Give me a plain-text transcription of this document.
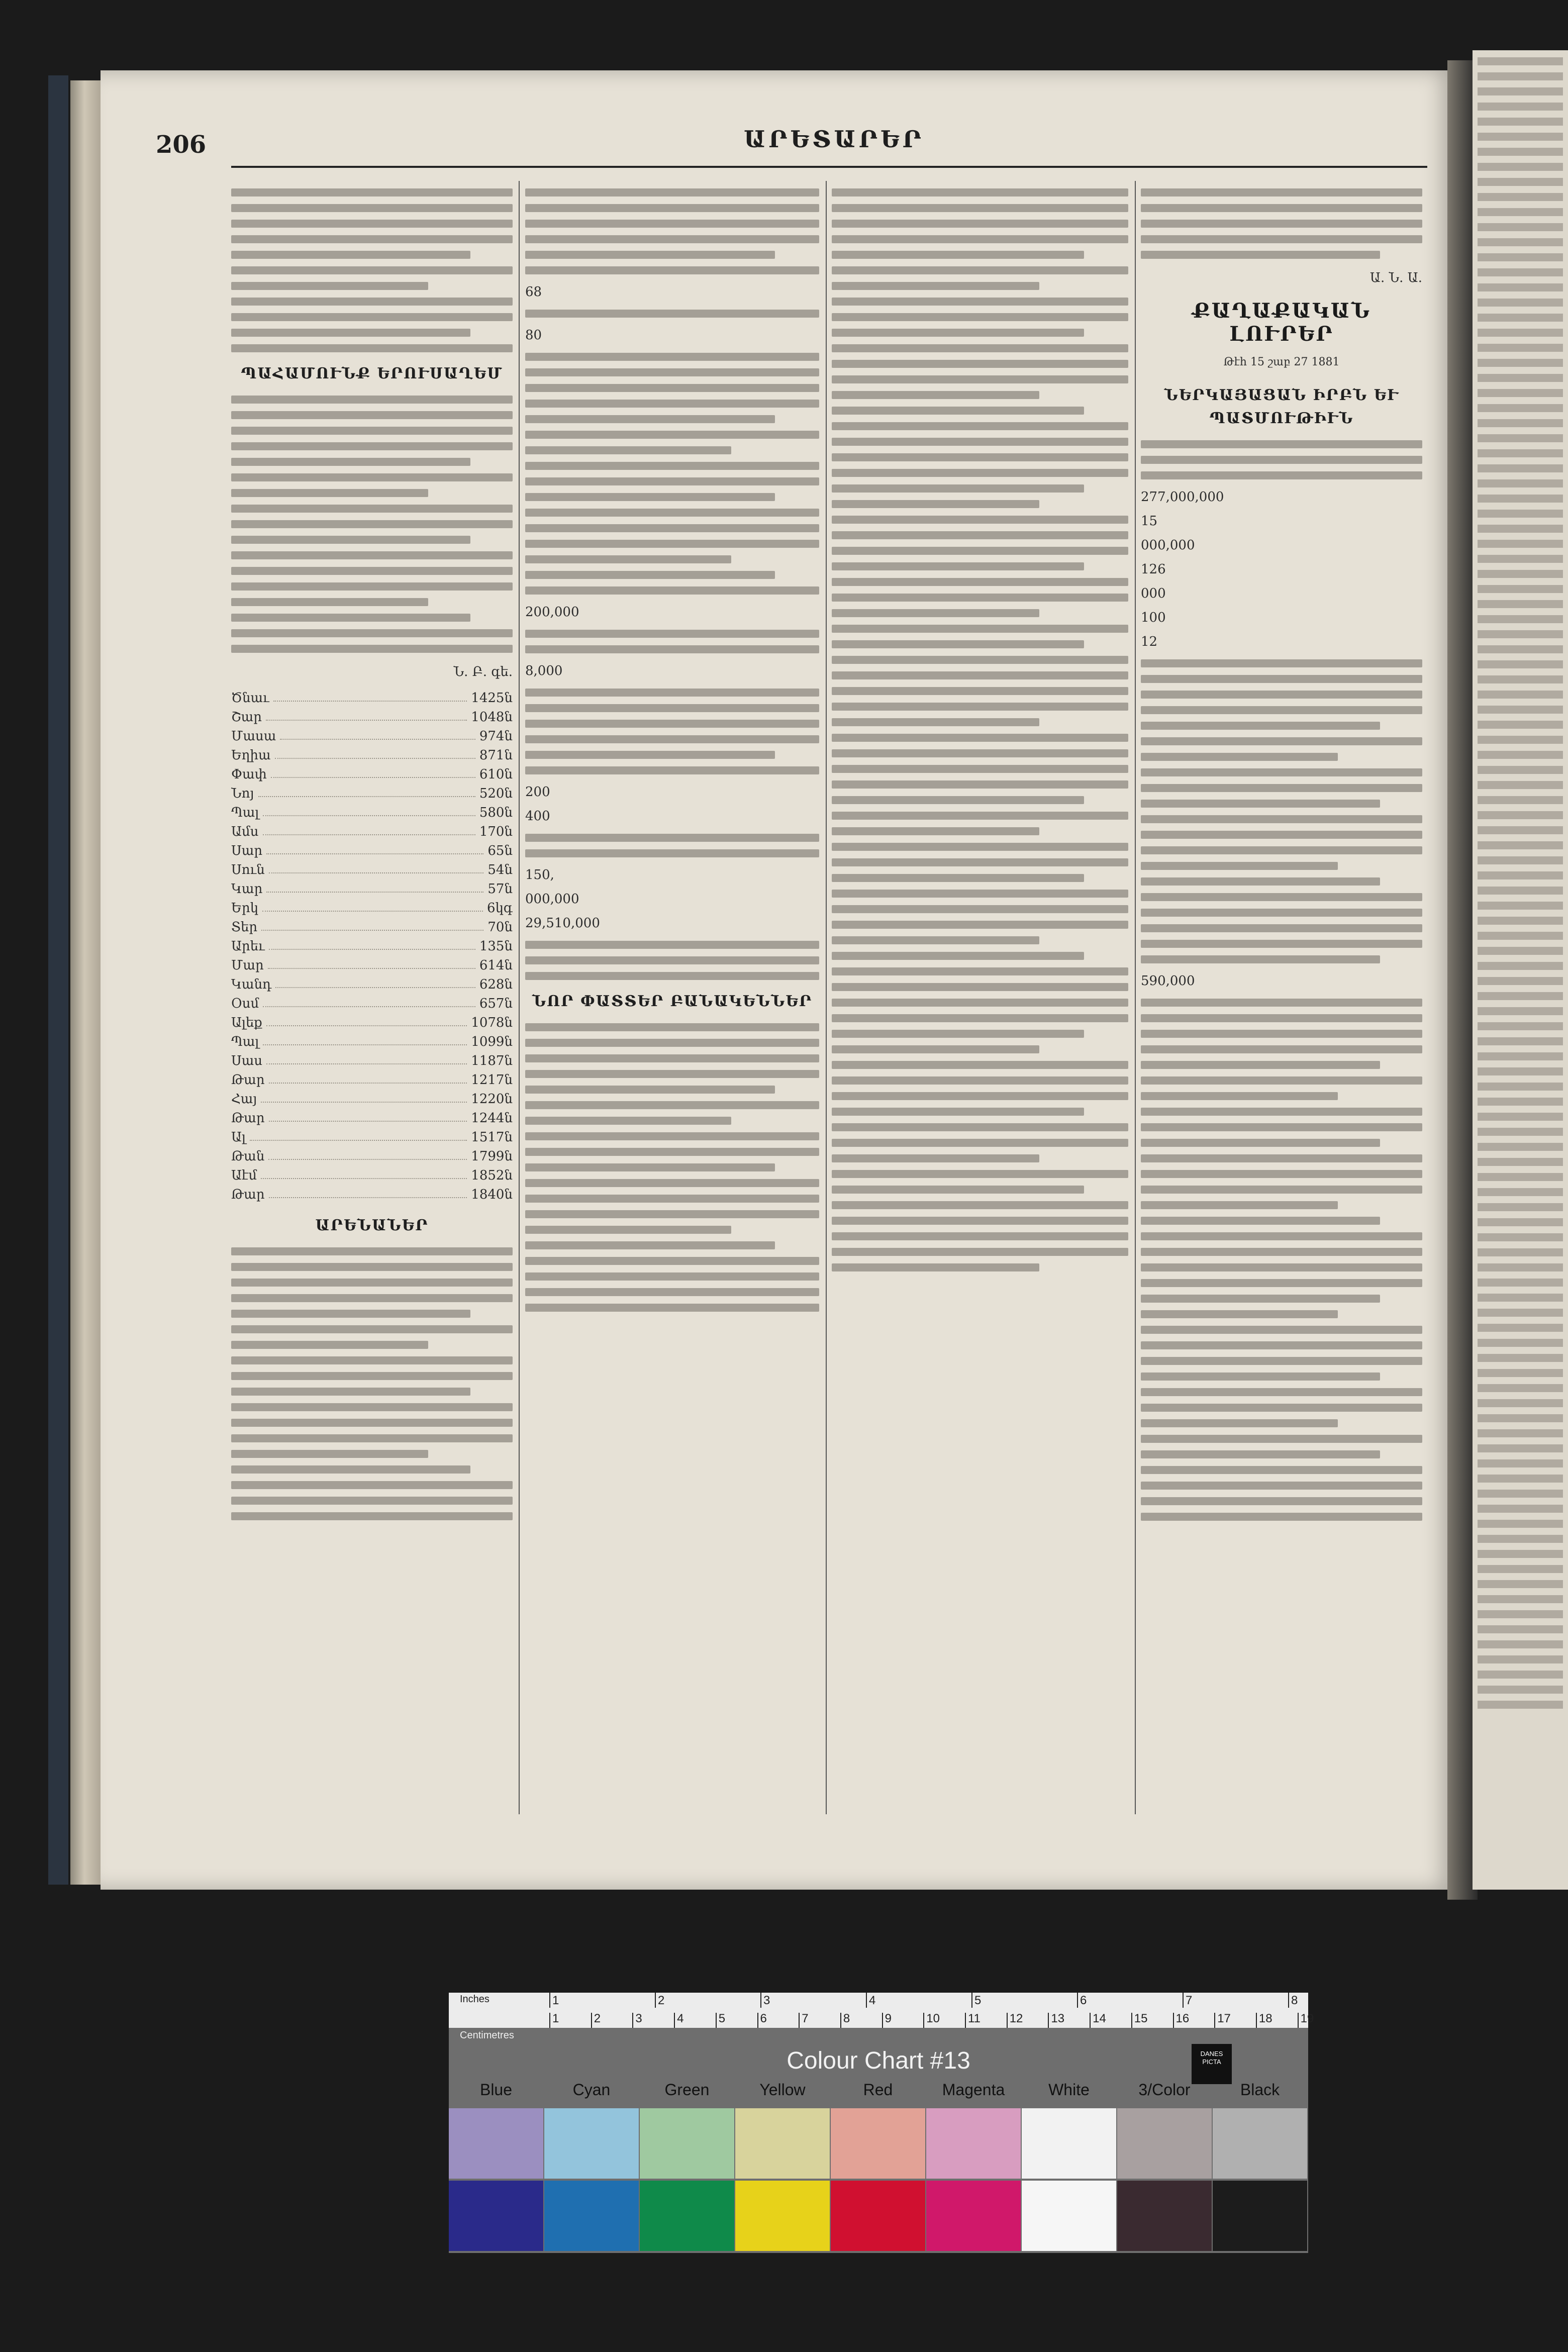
206	ԱՐԵՏԱՐԵՐ
ՊԱՀԱՄՈՒՆՔ ԵՐՈՒՍԱՂԵՄ
Ն. Բ. գե.
Ծնաւ	1425ն
Շար	1048ն
Մասա	974ն
Եղիա	871ն
Փափ	610ն
Նոյ	520ն
Պալ	580ն
Ամս	170ն
Սար	65ն
Սուն	54ն
Կար	57ն
Երկ	6կգ
Տեր	70ն
Արեւ	135ն
Մար	614ն
Կանդ	628ն
Օսմ	657ն
Ալեք	1078ն
Պալ	1099ն
Սաս	1187ն
Թար	1217ն
Հայ	1220ն
Թար	1244ն
Ալ	1517ն
Թան	1799ն
Աէմ	1852ն
Թար	1840ն
ԱՐԵՆԱՆԵՐ
68
80
200,000
8,000
200
400
150,
000,000
29,510,000
ՆՈՐ ՓԱՏՏԵՐ ԲԱՆԱԿԵՆՆԵՐ
Ա. Ն. Ա.
ՔԱՂԱՔԱԿԱՆ ԼՈՒՐԵՐ
Թէհ 15 շաբ 27 1881
ՆԵՐԿԱՅԱՑԱՆ ԻՐԲՆ ԵՒ ՊԱՏՄՈՒԹԻՒՆ
277,000,000
15
000,000
126
000
100
12
590,000
Inches
Centimetres
1	2	3	4	5	6	7	8
1	2	3	4	5	6	7	8	9	10 11 12 13 14 15 16 17 18 19
Colour Chart #13	DANES PICTA
Blue	Cyan	Green	Yellow	Red	Magenta	White	3/Color	Black
